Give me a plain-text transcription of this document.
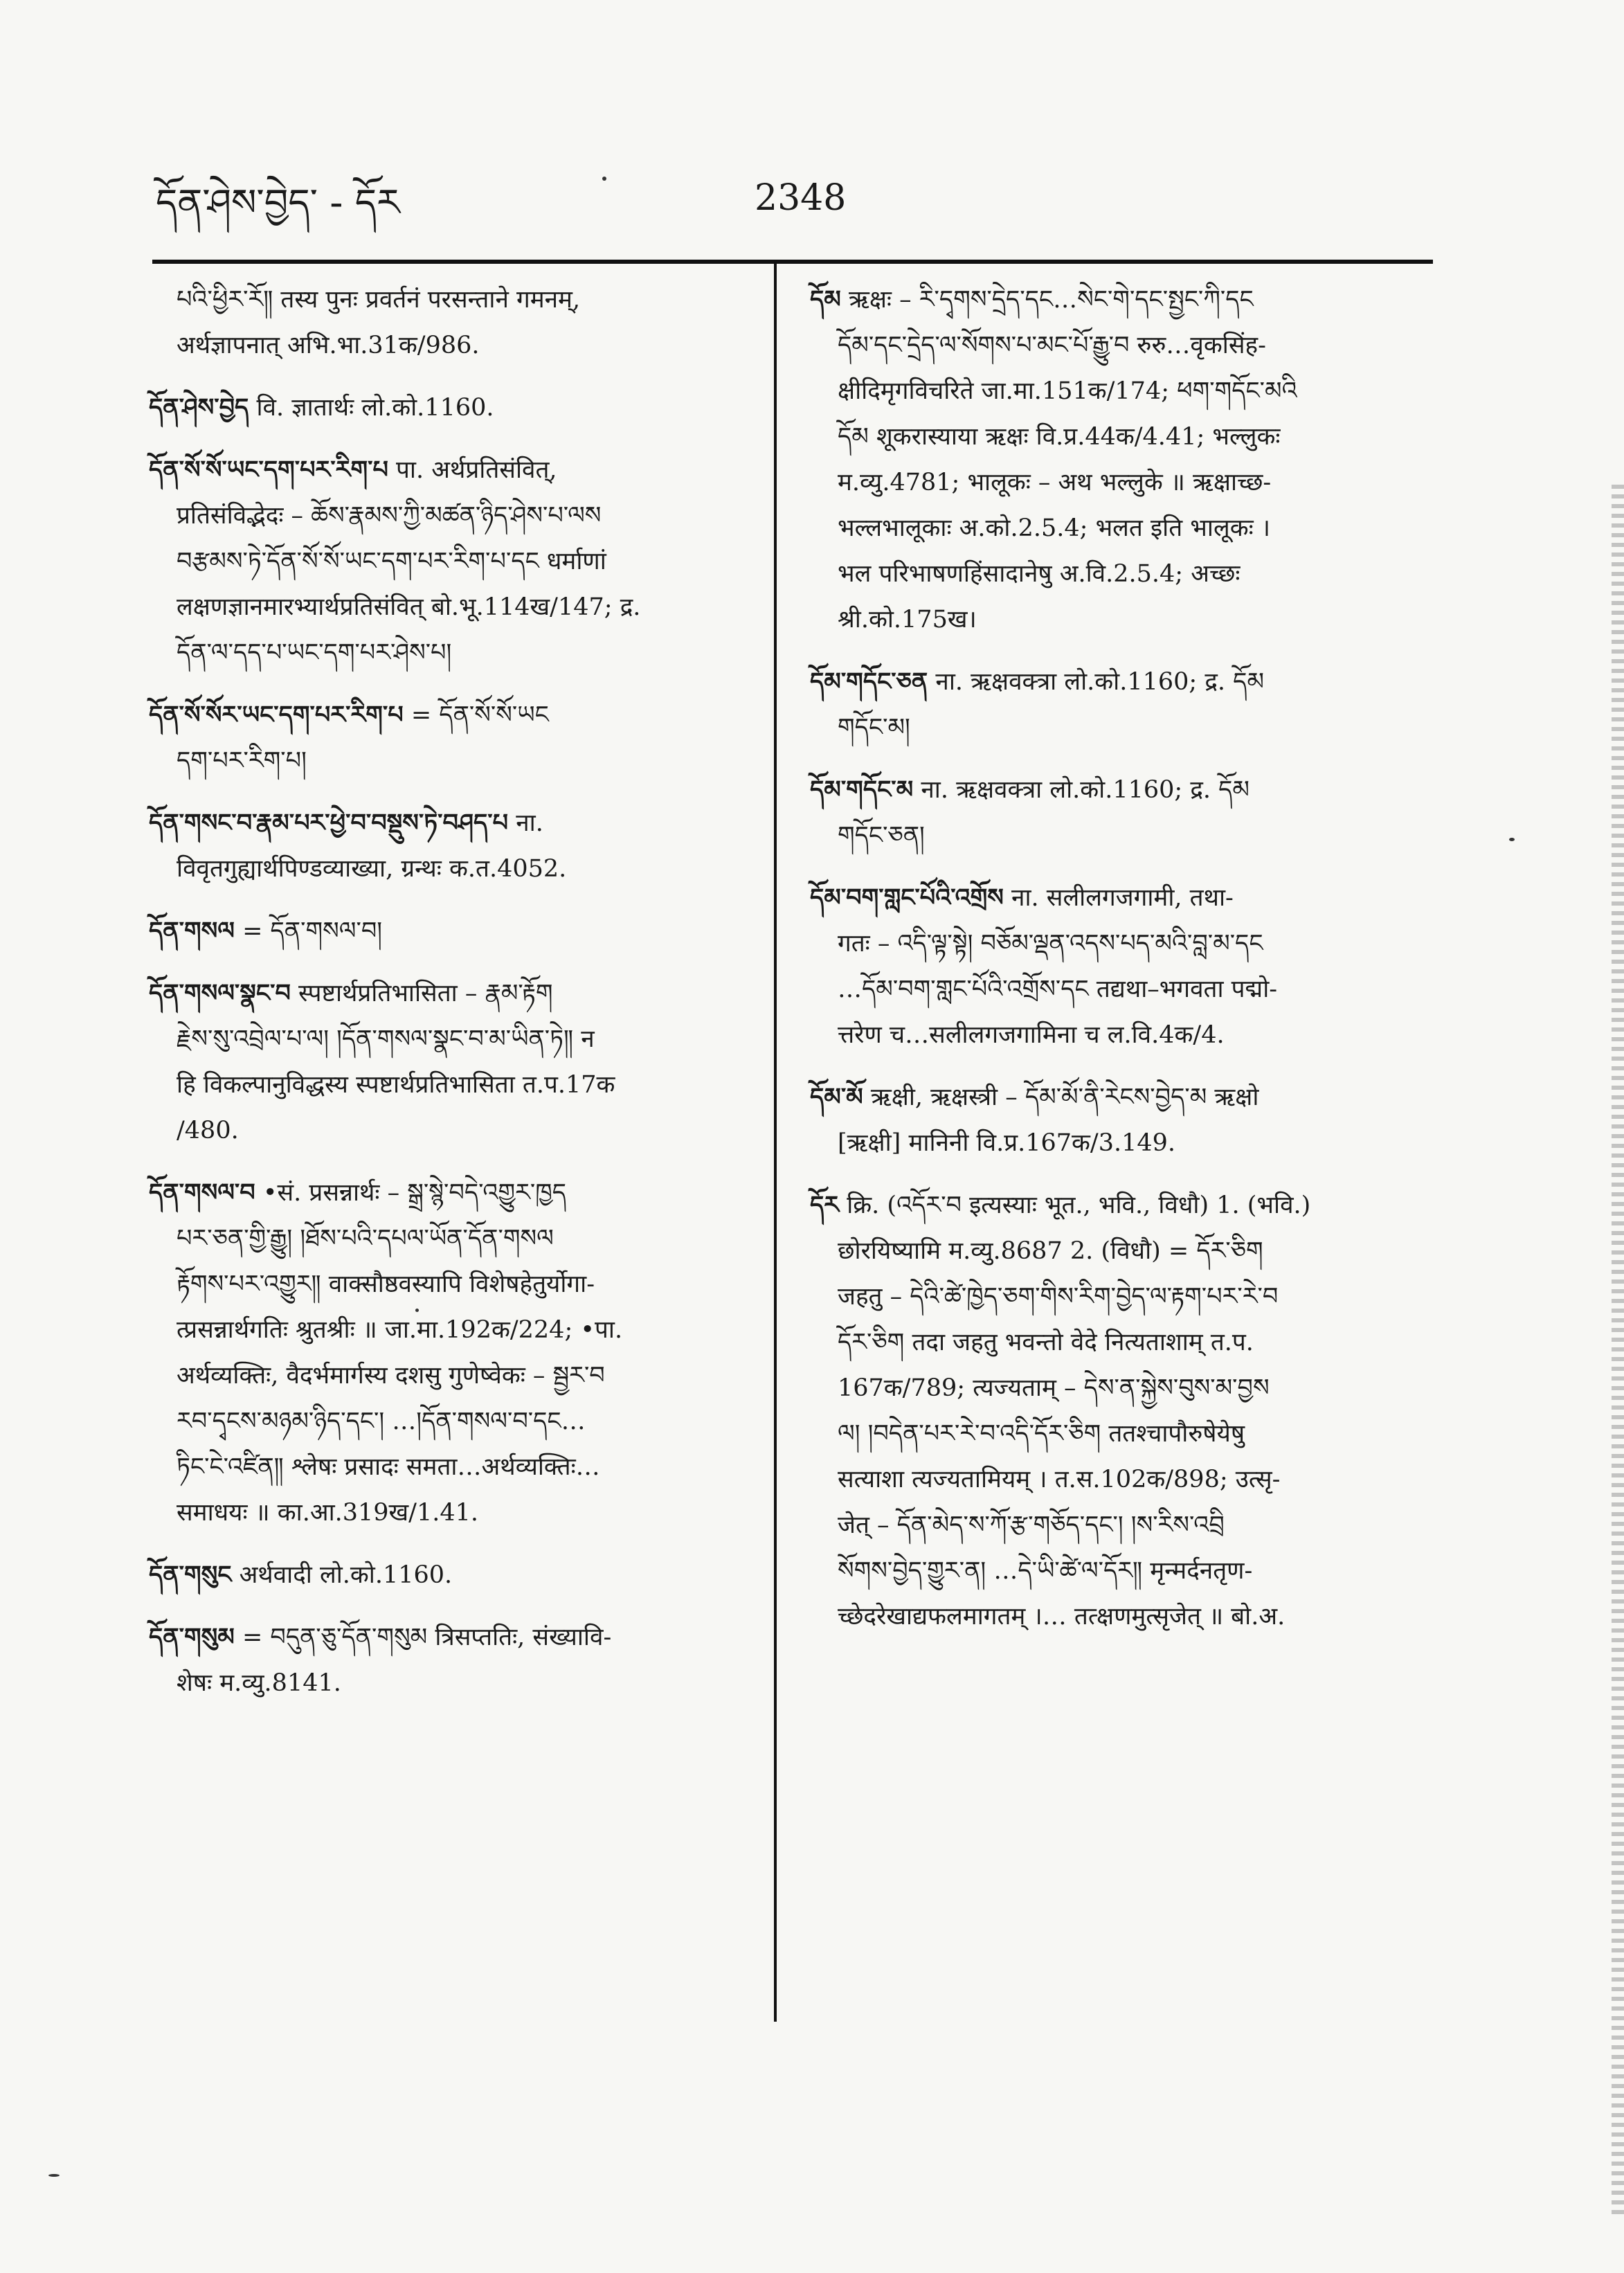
དོན་ཤེས་བྱེད་ - དོར	2348
པའི་ཕྱིར་རོ༎ तस्य पुनः प्रवर्तनं परसन्ताने गमनम्,
अर्थज्ञापनात् अभि.भा.31क/986.
དོན་ཤེས་བྱེད वि. ज्ञातार्थः लो.को.1160.
དོན་སོ་སོ་ཡང་དག་པར་རིག་པ पा. अर्थप्रतिसंवित्,
प्रतिसंविद्भेदः – ཆོས་རྣམས་ཀྱི་མཚན་ཉིད་ཤེས་པ་ལས
བརྩམས་ཏེ་དོན་སོ་སོ་ཡང་དག་པར་རིག་པ་དང धर्माणां
लक्षणज्ञानमारभ्यार्थप्रतिसंवित् बो.भू.114ख/147; द्र.
དོན་ལ་དད་པ་ཡང་དག་པར་ཤེས་པ།
དོན་སོ་སོར་ཡང་དག་པར་རིག་པ = དོན་སོ་སོ་ཡང
དག་པར་རིག་པ།
དོན་གསང་བ་རྣམ་པར་ཕྱེ་བ་བསྡུས་ཏེ་བཤད་པ ना.
विवृतगुह्यार्थपिण्डव्याख्या, ग्रन्थः क.त.4052.
དོན་གསལ = དོན་གསལ་བ།
དོན་གསལ་སྣང་བ स्पष्टार्थप्रतिभासिता – རྣམ་རྟོག
རྗེས་སུ་འབྲེལ་པ་ལ། །དོན་གསལ་སྣང་བ་མ་ཡིན་ཏེ༎ न
हि विकल्पानुविद्धस्य स्पष्टार्थप्रतिभासिता त.प.17क
/480.
དོན་གསལ་བ •सं. प्रसन्नार्थः – སྒྲ་སྙེ་བདེ་འགྱུར་ཁྱད
པར་ཅན་གྱི་རྒྱུ། །ཐོས་པའི་དཔལ་ཡོན་དོན་གསལ
རྟོགས་པར་འགྱུར༎ वाक्सौष्ठवस्यापि विशेषहेतुर्योगा-
त्प्रसन्नार्थगतिः श्रुतश्रीः ॥ जा.मा.192क/224; •पा.
अर्थव्यक्तिः, वैदर्भमार्गस्य दशसु गुणेष्वेकः – སྦྱར་བ
རབ་དྭངས་མཉམ་ཉིད་དང་། …།དོན་གསལ་བ་དང…
ཏིང་ངེ་འཛིན༎ श्लेषः प्रसादः समता…अर्थव्यक्तिः…
समाधयः ॥ का.आ.319ख/1.41.
དོན་གསུང अर्थवादी लो.को.1160.
དོན་གསུམ = བདུན་ཅུ་དོན་གསུམ त्रिसप्ततिः, संख्यावि-
शेषः म.व्यु.8141.
དོམ ऋक्षः – རི་དྭགས་དྲེད་དང…སེང་གེ་དང་སྤྱང་ཀི་དང
དོམ་དང་དྲེད་ལ་སོགས་པ་མང་པོ་རྒྱུ་བ रुरु…वृकसिंह-
क्षीदिमृगविचरिते जा.मा.151क/174; ཕག་གདོང་མའི
དོམ शूकरास्याया ऋक्षः वि.प्र.44क/4.41; भल्लुकः
म.व्यु.4781; भालूकः – अथ भल्लुके ॥ ऋक्षाच्छ-
भल्लभालूकाः अ.को.2.5.4; भलत इति भालूकः ।
भल परिभाषणहिंसादानेषु अ.वि.2.5.4; अच्छः
श्री.को.175ख।
དོམ་གདོང་ཅན ना. ऋक्षवक्त्रा लो.को.1160; द्र. དོམ
གདོང་མ།
དོམ་གདོང་མ ना. ऋक्षवक्त्रा लो.को.1160; द्र. དོམ
གདོང་ཅན།
དོམ་བག་གླང་པོའི་འགྲོས ना. सलीलगजगामी, तथा-
गतः – འདི་ལྟ་སྟེ། བཅོམ་ལྡན་འདས་པད་མའི་བླ་མ་དང
…དོམ་བག་གླང་པོའི་འགྲོས་དང तद्यथा–भगवता पद्मो-
त्तरेण च…सलीलगजगामिना च ल.वि.4क/4.
དོམ་མོ ऋक्षी, ऋक्षस्त्री – དོམ་མོ་ནི་རེངས་བྱེད་མ ऋक्षो
[ऋक्षी] मानिनी वि.प्र.167क/3.149.
དོར क्रि. (འདོར་བ इत्यस्याः भूत., भवि., विधौ) 1. (भवि.)
छोरयिष्यामि म.व्यु.8687 2. (विधौ) = དོར་ཅིག
जहतु – དེའི་ཚེ་ཁྱེད་ཅག་གིས་རིག་བྱེད་ལ་རྟག་པར་རེ་བ
དོར་ཅིག तदा जहतु भवन्तो वेदे नित्यताशाम् त.प.
167क/789; त्यज्यताम् – དེས་ན་སྐྱེས་བུས་མ་བྱས
ལ། །བདེན་པར་རེ་བ་འདི་དོར་ཅིག ततश्चापौरुषेयेषु
सत्याशा त्यज्यतामियम् । त.स.102क/898; उत्सृ-
जेत् – དོན་མེད་ས་ཀོ་རྩ་གཅོད་དང་། །ས་རིས་འབྲི
སོགས་བྱེད་གྱུར་ན། …དེ་ཡི་ཚེ་ལ་དོར༎ मृन्मर्दनतृण-
च्छेदरेखाद्यफलमागतम् ।… तत्क्षणमुत्सृजेत् ॥ बो.अ.
